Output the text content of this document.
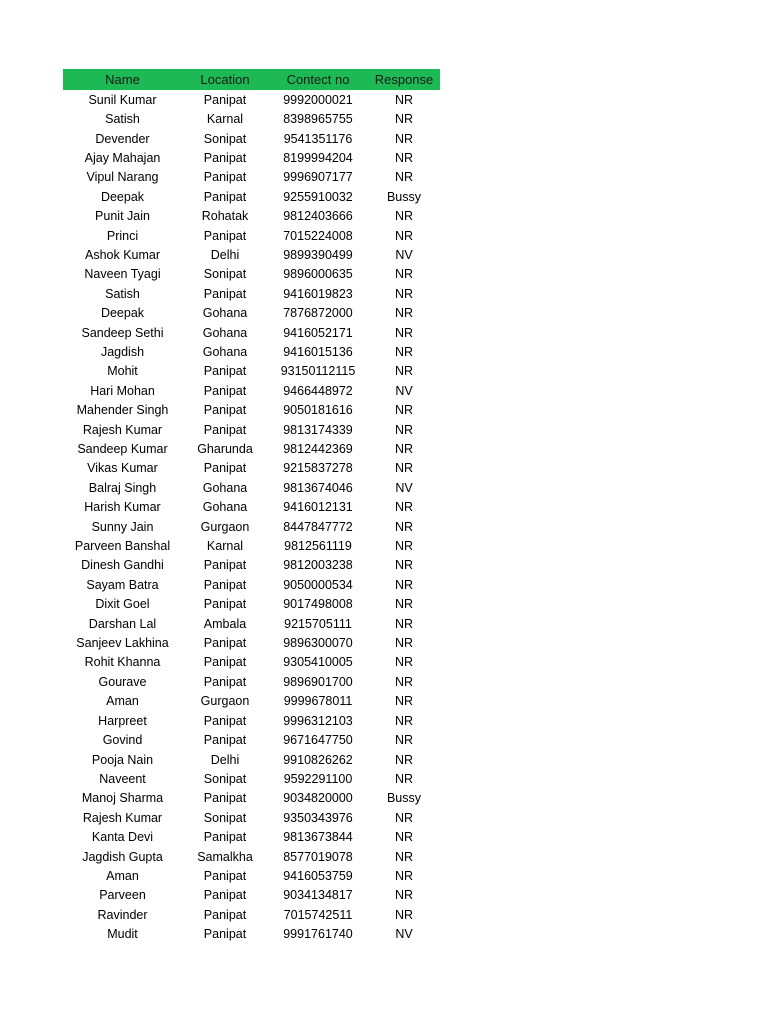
Name	Location	Contect no	Response
Sunil Kumar	Panipat	9992000021	NR
Satish	Karnal	8398965755	NR
Devender	Sonipat	9541351176	NR
Ajay Mahajan	Panipat	8199994204	NR
Vipul Narang	Panipat	9996907177	NR
Deepak	Panipat	9255910032	Bussy
Punit Jain	Rohatak	9812403666	NR
Princi	Panipat	7015224008	NR
Ashok Kumar	Delhi	9899390499	NV
Naveen Tyagi	Sonipat	9896000635	NR
Satish	Panipat	9416019823	NR
Deepak	Gohana	7876872000	NR
Sandeep Sethi	Gohana	9416052171	NR
Jagdish	Gohana	9416015136	NR
Mohit	Panipat	93150112115	NR
Hari Mohan	Panipat	9466448972	NV
Mahender Singh	Panipat	9050181616	NR
Rajesh Kumar	Panipat	9813174339	NR
Sandeep Kumar	Gharunda	9812442369	NR
Vikas Kumar	Panipat	9215837278	NR
Balraj Singh	Gohana	9813674046	NV
Harish Kumar	Gohana	9416012131	NR
Sunny Jain	Gurgaon	8447847772	NR
Parveen Banshal	Karnal	9812561119	NR
Dinesh Gandhi	Panipat	9812003238	NR
Sayam Batra	Panipat	9050000534	NR
Dixit Goel	Panipat	9017498008	NR
Darshan Lal	Ambala	9215705111	NR
Sanjeev Lakhina	Panipat	9896300070	NR
Rohit Khanna	Panipat	9305410005	NR
Gourave	Panipat	9896901700	NR
Aman	Gurgaon	9999678011	NR
Harpreet	Panipat	9996312103	NR
Govind	Panipat	9671647750	NR
Pooja Nain	Delhi	9910826262	NR
Naveent	Sonipat	9592291100	NR
Manoj Sharma	Panipat	9034820000	Bussy
Rajesh Kumar	Sonipat	9350343976	NR
Kanta Devi	Panipat	9813673844	NR
Jagdish Gupta	Samalkha	8577019078	NR
Aman	Panipat	9416053759	NR
Parveen	Panipat	9034134817	NR
Ravinder	Panipat	7015742511	NR
Mudit	Panipat	9991761740	NV
